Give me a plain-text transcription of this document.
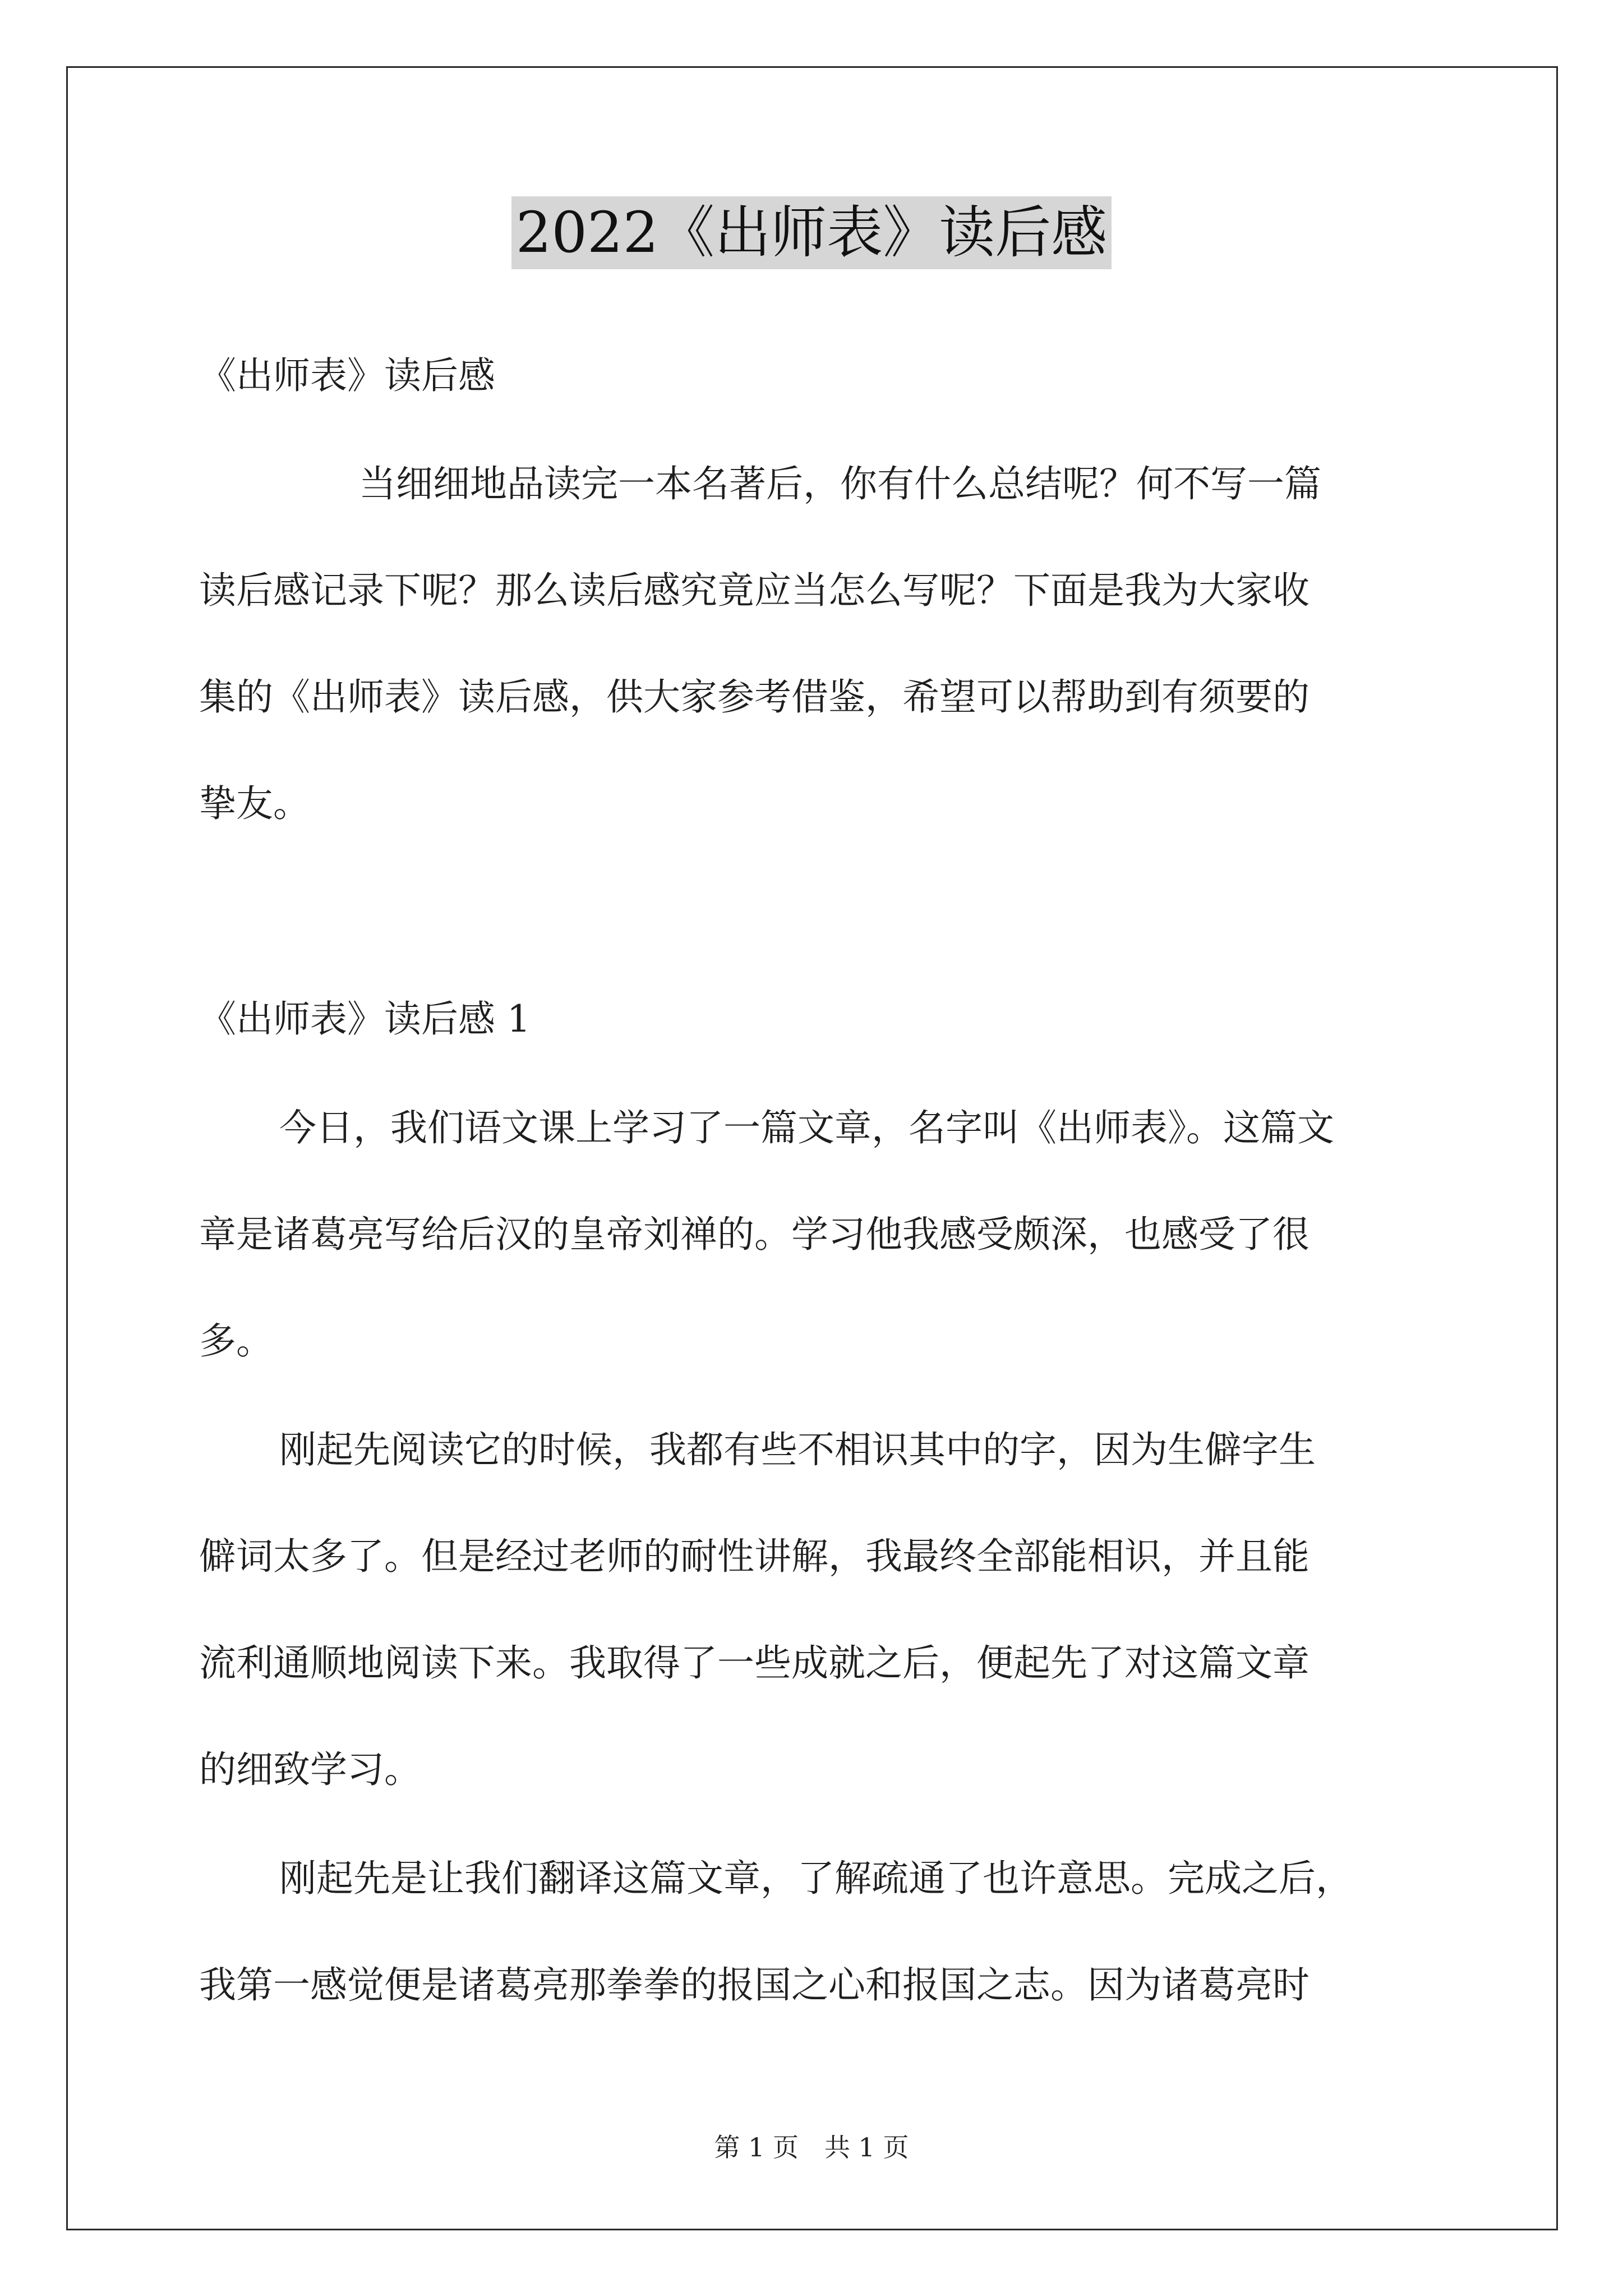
2022《出师表》读后感
《出师表》读后感
当细细地品读完一本名著后，你有什么总结呢？何不写一篇
读后感记录下呢？那么读后感究竟应当怎么写呢？下面是我为大家收
集的《出师表》读后感，供大家参考借鉴，希望可以帮助到有须要的
挚友。
《出师表》读后感 1
今日，我们语文课上学习了一篇文章，名字叫《出师表》。这篇文
章是诸葛亮写给后汉的皇帝刘禅的。学习他我感受颇深，也感受了很
多。
刚起先阅读它的时候，我都有些不相识其中的字，因为生僻字生
僻词太多了。但是经过老师的耐性讲解，我最终全部能相识，并且能
流利通顺地阅读下来。我取得了一些成就之后，便起先了对这篇文章
的细致学习。
刚起先是让我们翻译这篇文章，了解疏通了也许意思。完成之后，
我第一感觉便是诸葛亮那拳拳的报国之心和报国之志。因为诸葛亮时
第 1 页　共 1 页
